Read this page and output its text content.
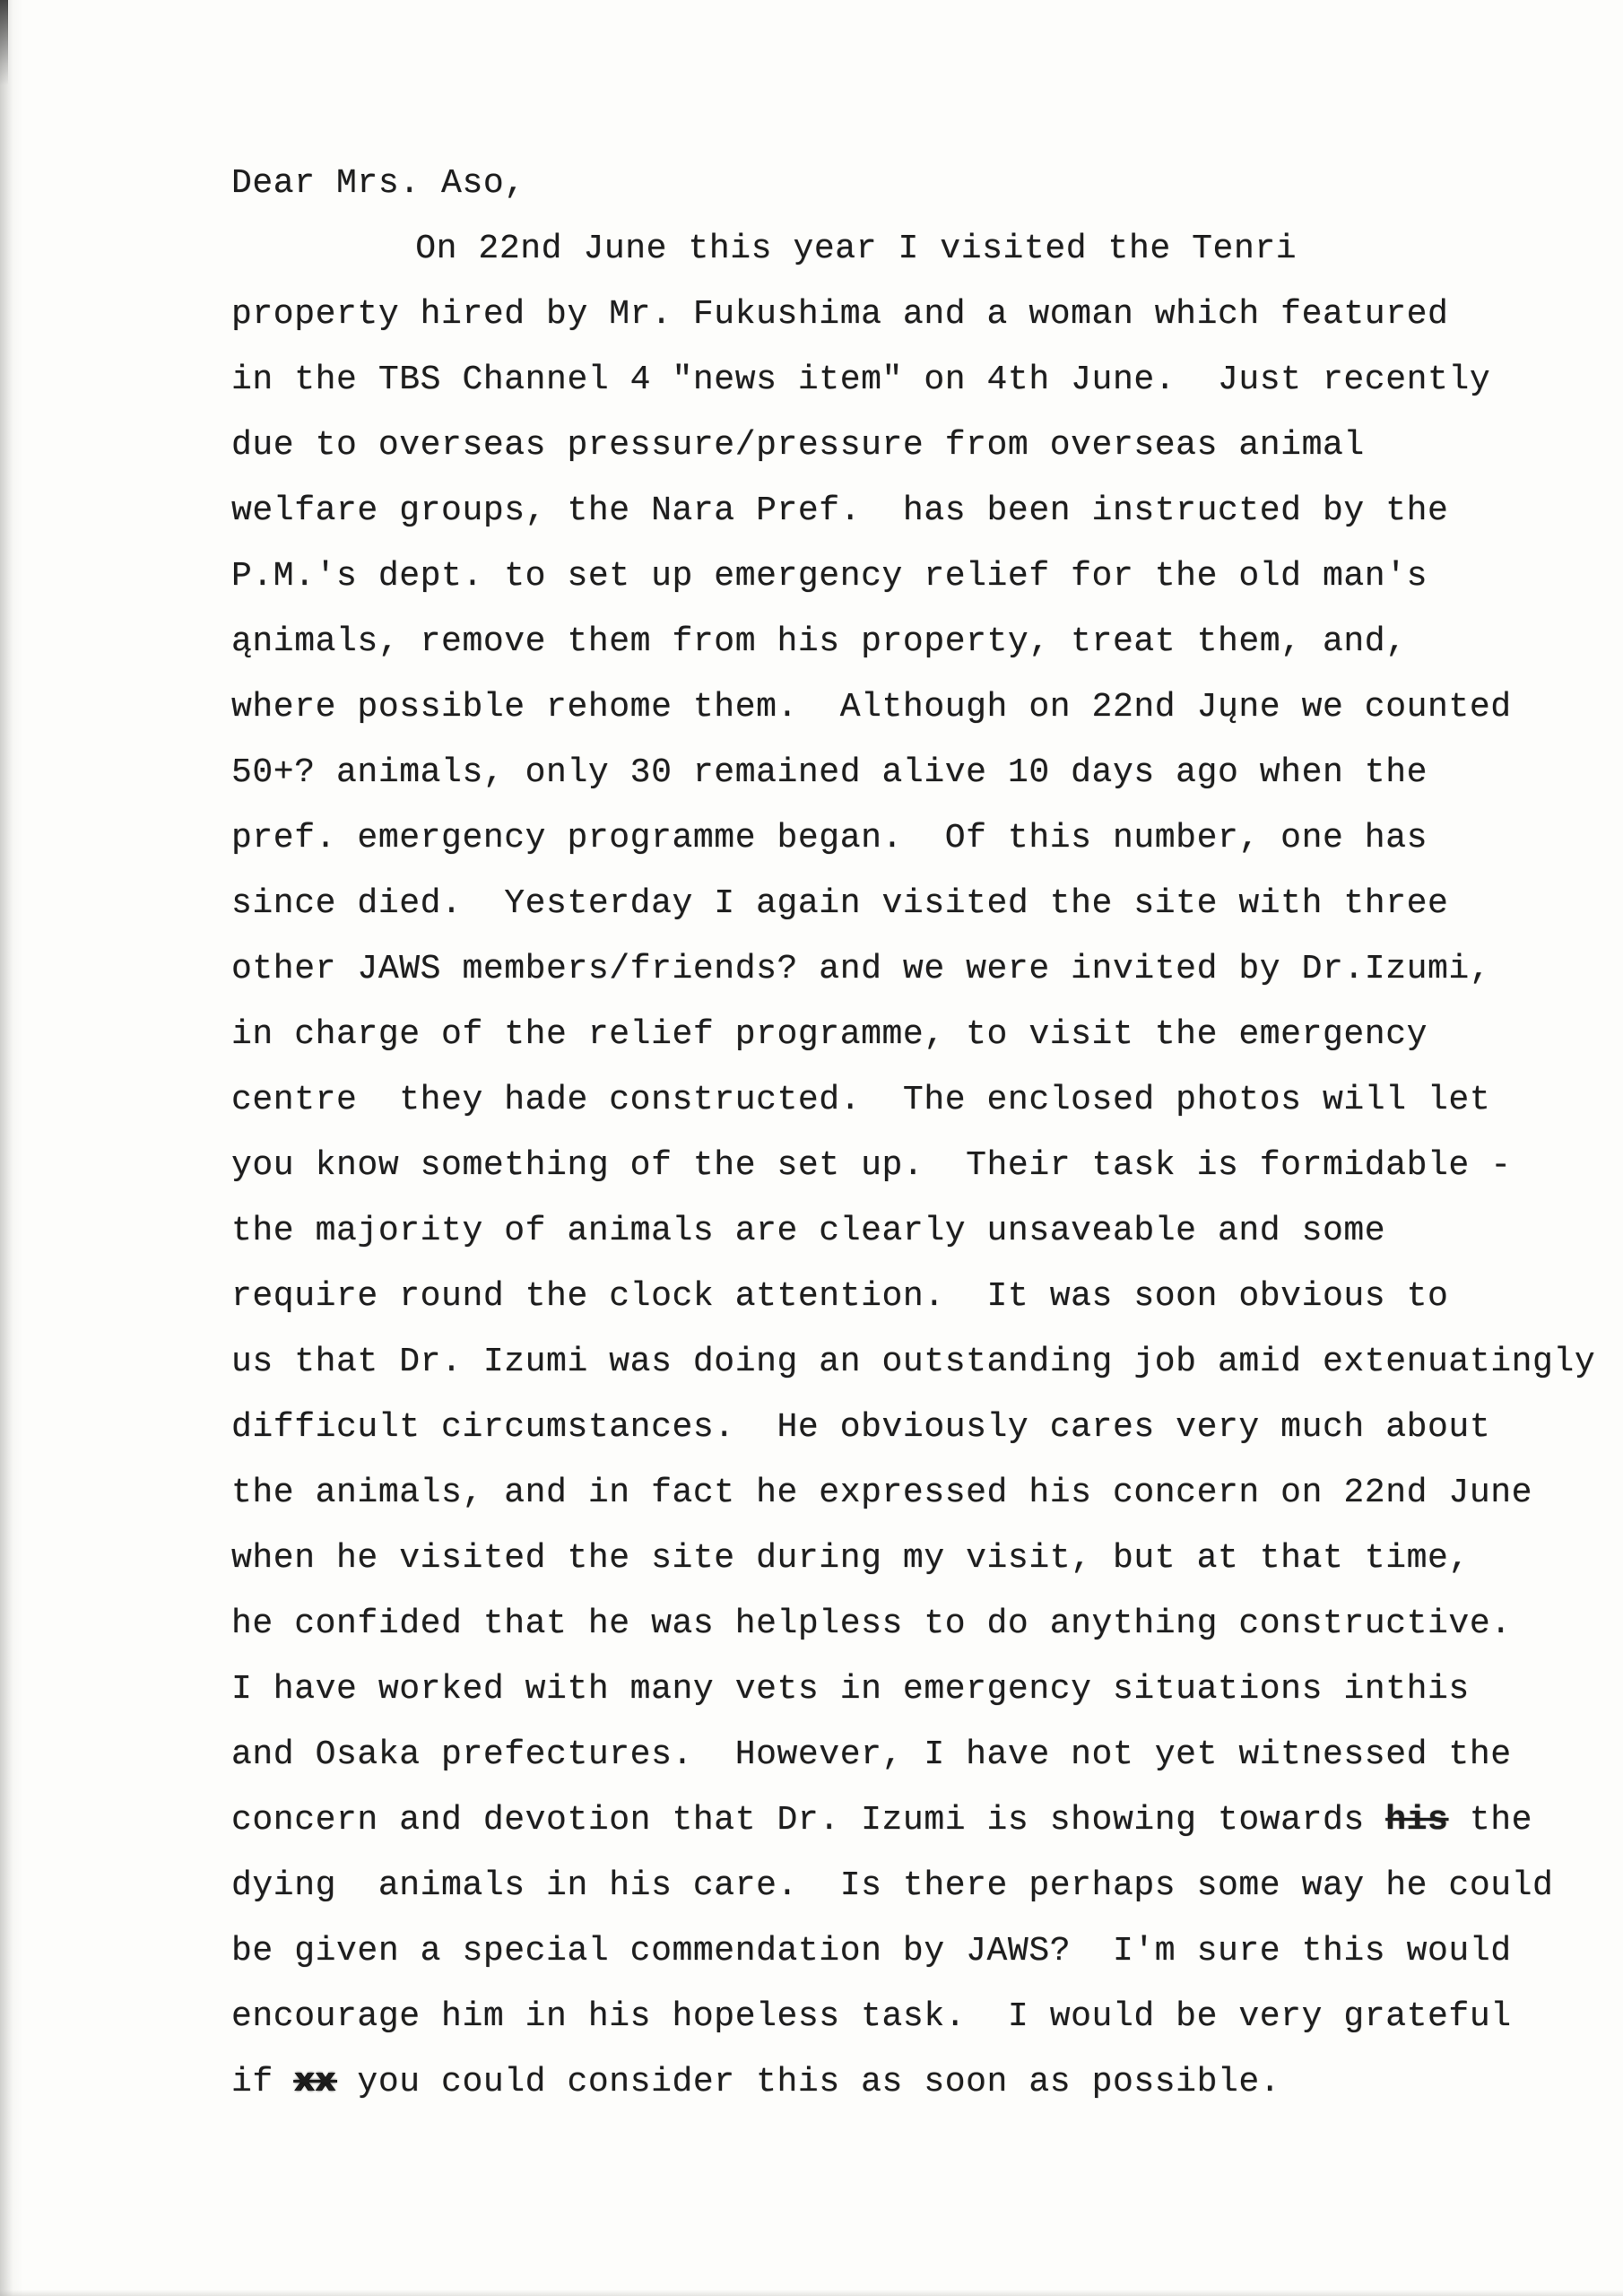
Dear Mrs. Aso,
On 22nd June this year I visited the Tenri
property hired by Mr. Fukushima and a woman which featured
in the TBS Channel 4 "news item" on 4th June.  Just recently
due to overseas pressure/pressure from overseas animal
welfare groups, the Nara Pref.  has been instructed by the
P.M.'s dept. to set up emergency relief for the old man's
ąnimals, remove them from his property, treat them, and,
where possible rehome them.  Although on 22nd Jųne we counted
50+? animals, only 30 remained alive 10 days ago when the
pref. emergency programme began.  Of this number, one has
since died.  Yesterday I again visited the site with three
other JAWS members/friends? and we were invited by Dr.Izumi,
in charge of the relief programme, to visit the emergency
centre  they hade constructed.  The enclosed photos will let
you know something of the set up.  Their task is formidable -
the majority of animals are clearly unsaveable and some
require round the clock attention.  It was soon obvious to
us that Dr. Izumi was doing an outstanding job amid extenuatingly
difficult circumstances.  He obviously cares very much about
the animals, and in fact he expressed his concern on 22nd June
when he visited the site during my visit, but at that time,
he confided that he was helpless to do anything constructive.
I have worked with many vets in emergency situations inthis
and Osaka prefectures.  However, I have not yet witnessed the
concern and devotion that Dr. Izumi is showing towards his the
dying  animals in his care.  Is there perhaps some way he could
be given a special commendation by JAWS?  I'm sure this would
encourage him in his hopeless task.  I would be very grateful
if xx you could consider this as soon as possible.
